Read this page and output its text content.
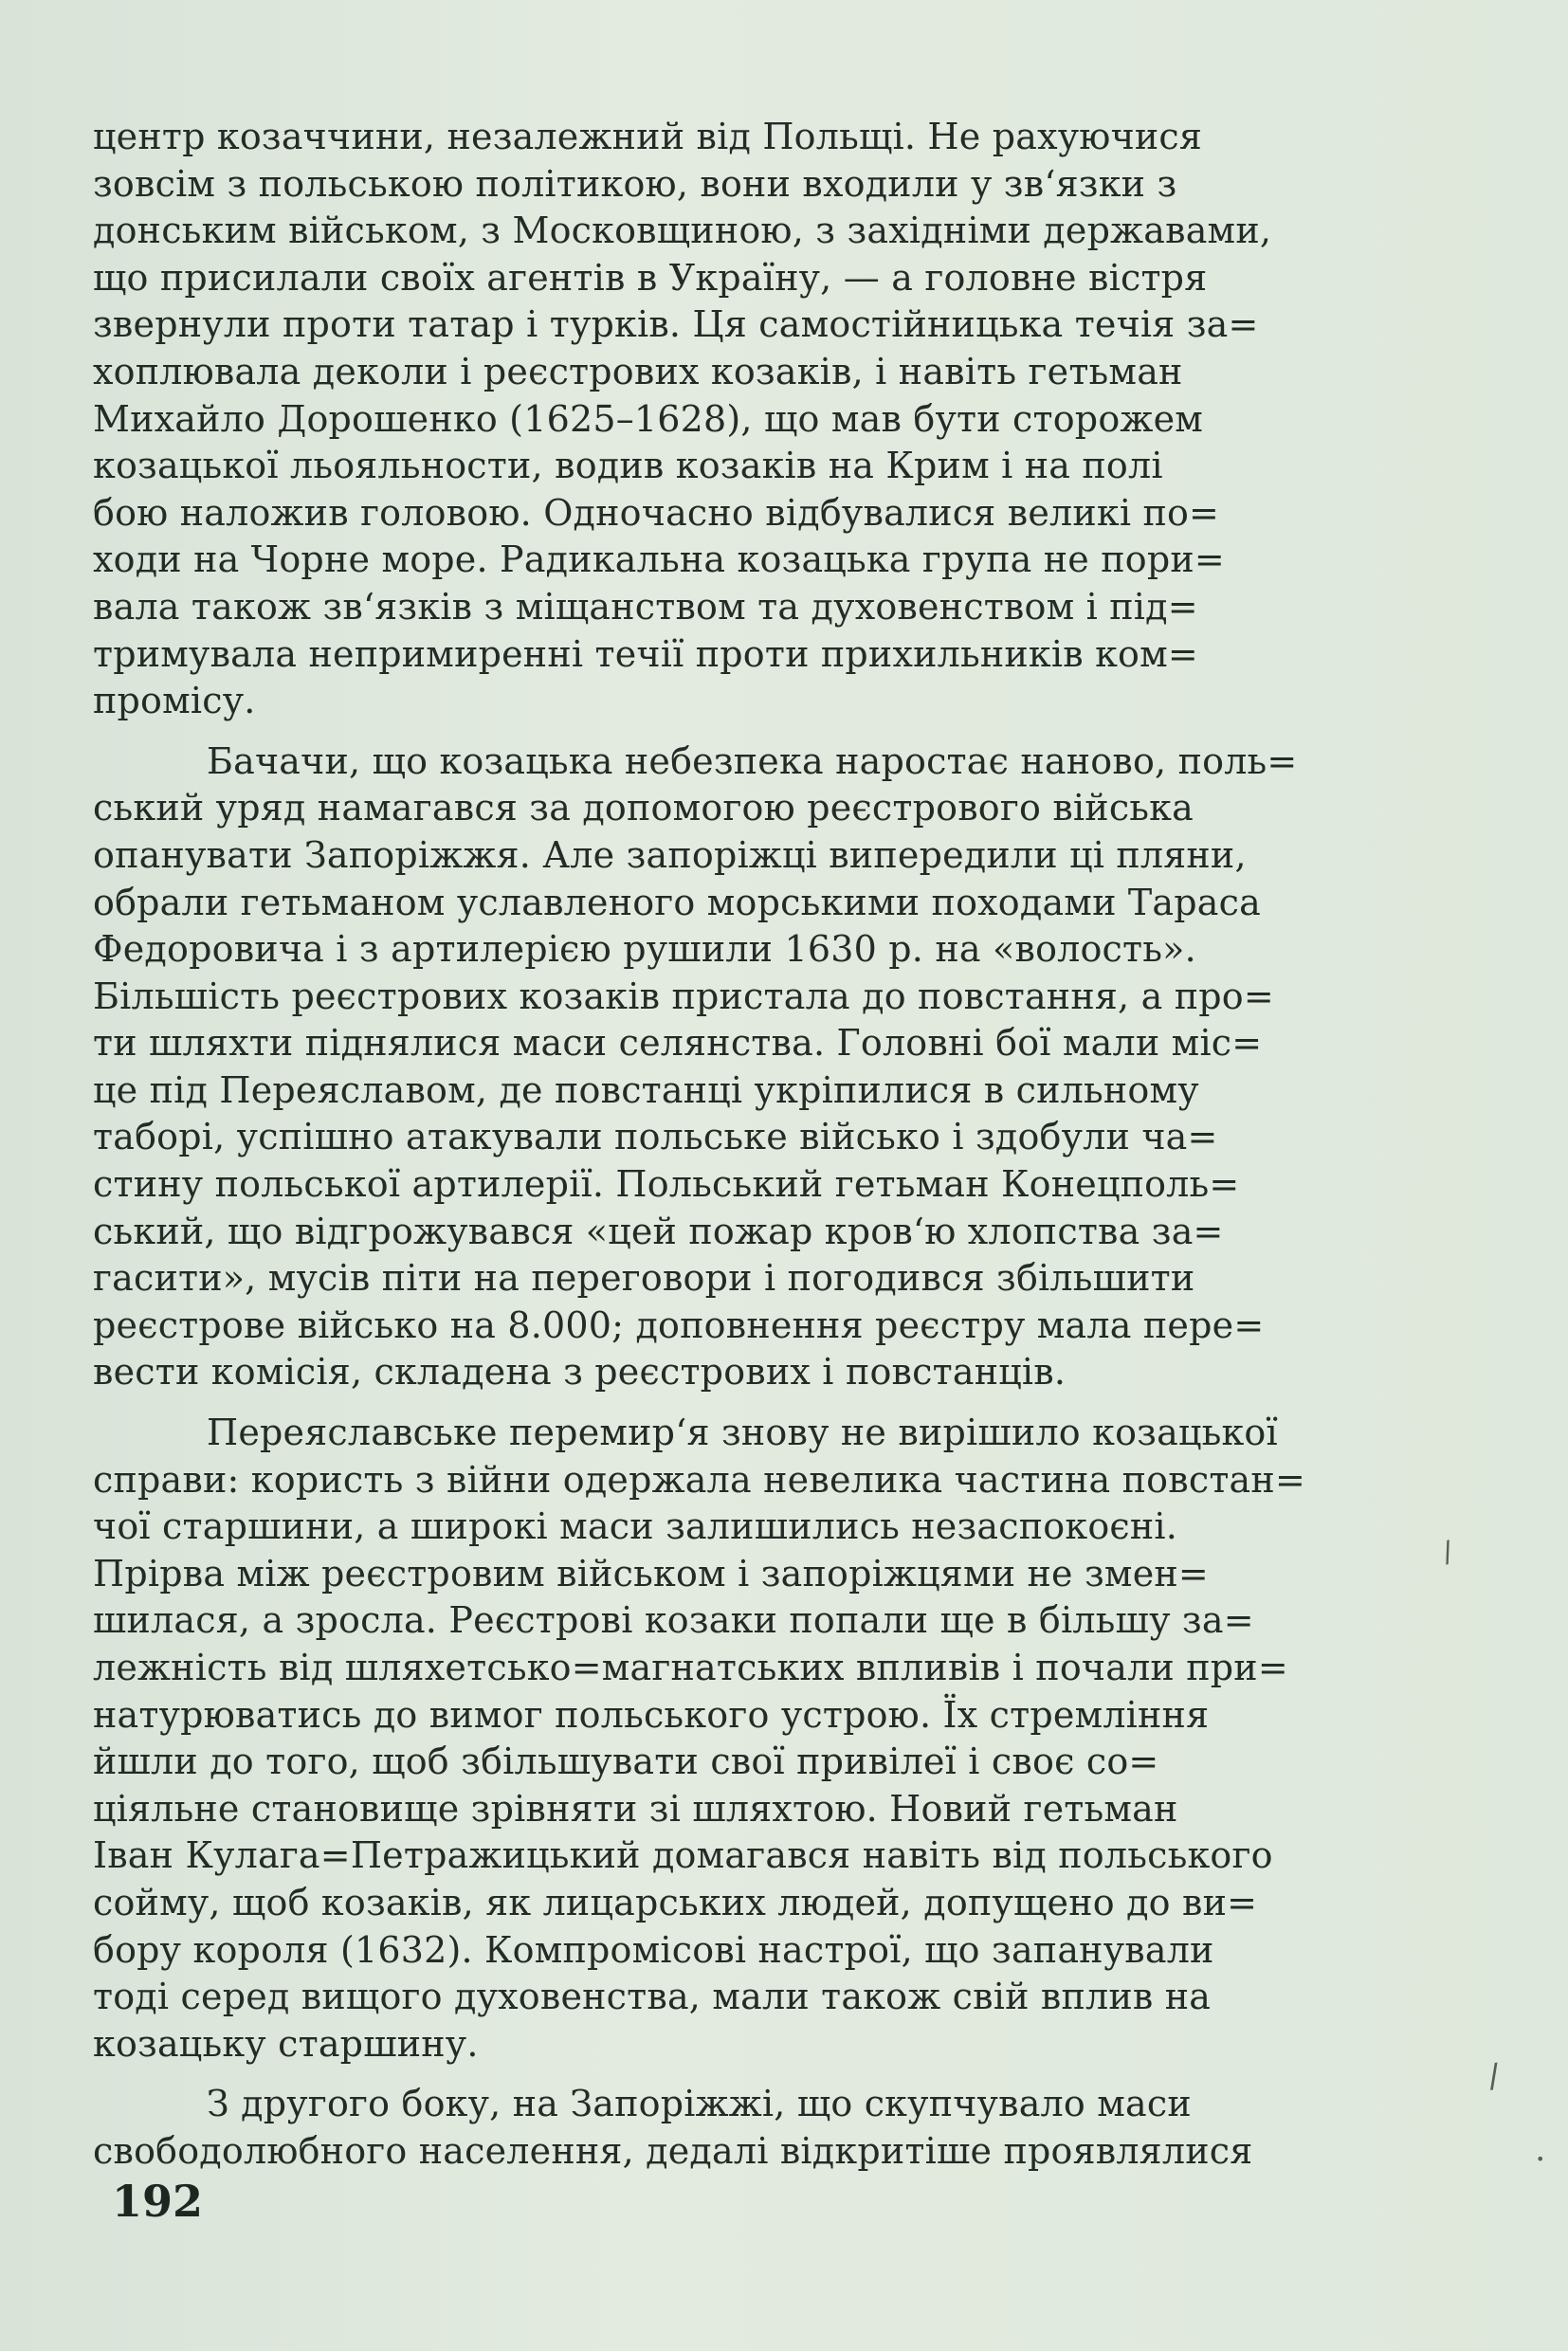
центр козаччини, незалежний від Польщі. Не рахуючися
зовсім з польською політикою, вони входили у зв‘язки з
донським військом, з Московщиною, з західніми державами,
що присилали своїх агентів в Україну, — а головне вістря
звернули проти татар і турків. Ця самостійницька течія за=
хоплювала деколи і реєстрових козаків, і навіть гетьман
Михайло Дорошенко (1625–1628), що мав бути сторожем
козацької льояльности, водив козаків на Крим і на полі
бою наложив головою. Одночасно відбувалися великі по=
ходи на Чорне море. Радикальна козацька група не пори=
вала також зв‘язків з міщанством та духовенством і під=
тримувала непримиренні течії проти прихильників ком=
промісу.
Бачачи, що козацька небезпека наростає наново, поль=
ський уряд намагався за допомогою реєстрового війська
опанувати Запоріжжя. Але запоріжці випередили ці пляни,
обрали гетьманом уславленого морськими походами Тараса
Федоровича і з артилерією рушили 1630 р. на «волость».
Більшість реєстрових козаків пристала до повстання, а про=
ти шляхти піднялися маси селянства. Головні бої мали міс=
це під Переяславом, де повстанці укріпилися в сильному
таборі, успішно атакували польське військо і здобули ча=
стину польської артилерії. Польський гетьман Конецполь=
ський, що відгрожувався «цей пожар кров‘ю хлопства за=
гасити», мусів піти на переговори і погодився збільшити
реєстрове військо на 8.000; доповнення реєстру мала пере=
вести комісія, складена з реєстрових і повстанців.
Переяславське перемир‘я знову не вирішило козацької
справи: користь з війни одержала невелика частина повстан=
чої старшини, а широкі маси залишились незаспокоєні.
Прірва між реєстровим військом і запоріжцями не змен=
шилася, а зросла. Реєстрові козаки попали ще в більшу за=
лежність від шляхетсько=магнатських впливів і почали при=
натурюватись до вимог польського устрою. Їх стремління
йшли до того, щоб збільшувати свої привілеї і своє со=
ціяльне становище зрівняти зі шляхтою. Новий гетьман
Іван Кулага=Петражицький домагався навіть від польського
сойму, щоб козаків, як лицарських людей, допущено до ви=
бору короля (1632). Компромісові настрої, що запанували
тоді серед вищого духовенства, мали також свій вплив на
козацьку старшину.
З другого боку, на Запоріжжі, що скупчувало маси
свободолюбного населення, дедалі відкритіше проявлялися
192
/
/
•
